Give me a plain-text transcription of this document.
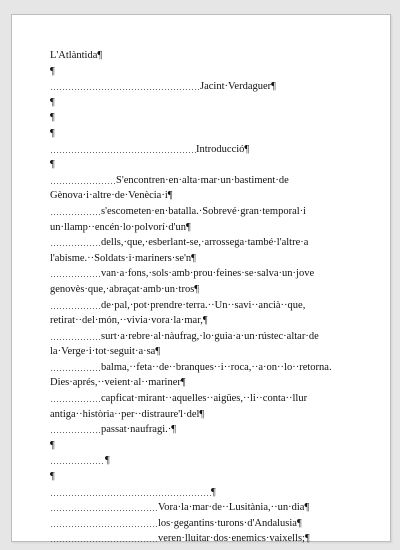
L'Atlàntida¶
¶
Jacint·Verdaguer¶
¶
¶
¶
Introducció¶
¶
S'encontren·en·alta·mar·un·bastiment·de
Gènova·i·altre·de·Venècia·i¶
s'escometen·en·batalla.·Sobrevé·gran·temporal·i
un·llamp··encén·lo·polvorí·d'un¶
dells,·que,·esberlant-se,·arrossega·també·l'altre·a
l'abisme.··Soldats·i·mariners·se'n¶
van·a·fons,·sols·amb·prou·feines·se·salva·un·jove
genovès·que,·abraçat·amb·un·tros¶
de·pal,·pot·prendre·terra.··Un··savi··ancià··que,
retirat··del·món,··vivia·vora·la·mar,¶
surt·a·rebre·al·nàufrag,·lo·guia·a·un·rústec·altar·de
la·Verge·i·tot·seguit·a·sa¶
balma,··feta··de··branques··i··roca,··a·on··lo··retorna.
Dies·aprés,··veient·al··mariner¶
capficat·mirant··aquelles··aigües,··li··conta··llur
antiga··història··per··distraure'l·del¶
passat·naufragi.·¶
¶
¶
¶
¶
Vora·la·mar·de··Lusitània,··un·dia¶
los·gegantins·turons·d'Andalusia¶
veren·lluitar·dos·enemics·vaixells;¶
